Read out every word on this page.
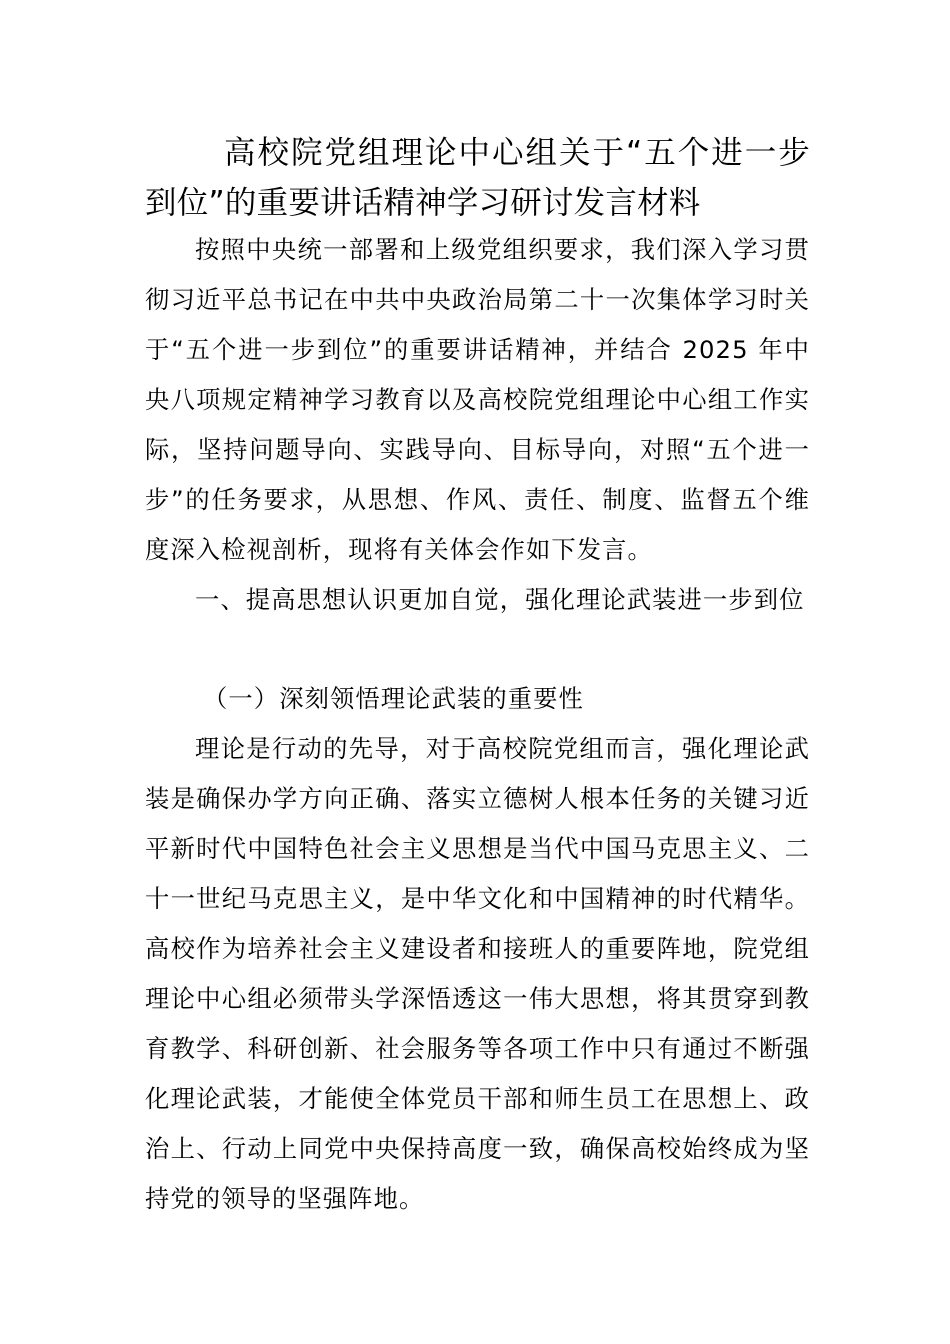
高校院党组理论中心组关于“五个进一步到位”的重要讲话精神学习研讨发言材料

按照中央统一部署和上级党组织要求，我们深入学习贯彻习近平总书记在中共中央政治局第二十一次集体学习时关于“五个进一步到位”的重要讲话精神，并结合 2025 年中央八项规定精神学习教育以及高校院党组理论中心组工作实际，坚持问题导向、实践导向、目标导向，对照“五个进一步”的任务要求，从思想、作风、责任、制度、监督五个维度深入检视剖析，现将有关体会作如下发言。

一、提高思想认识更加自觉，强化理论武装进一步到位

（一）深刻领悟理论武装的重要性

理论是行动的先导，对于高校院党组而言，强化理论武装是确保办学方向正确、落实立德树人根本任务的关键习近平新时代中国特色社会主义思想是当代中国马克思主义、二十一世纪马克思主义，是中华文化和中国精神的时代精华。高校作为培养社会主义建设者和接班人的重要阵地，院党组理论中心组必须带头学深悟透这一伟大思想，将其贯穿到教育教学、科研创新、社会服务等各项工作中只有通过不断强化理论武装，才能使全体党员干部和师生员工在思想上、政治上、行动上同党中央保持高度一致，确保高校始终成为坚持党的领导的坚强阵地。
